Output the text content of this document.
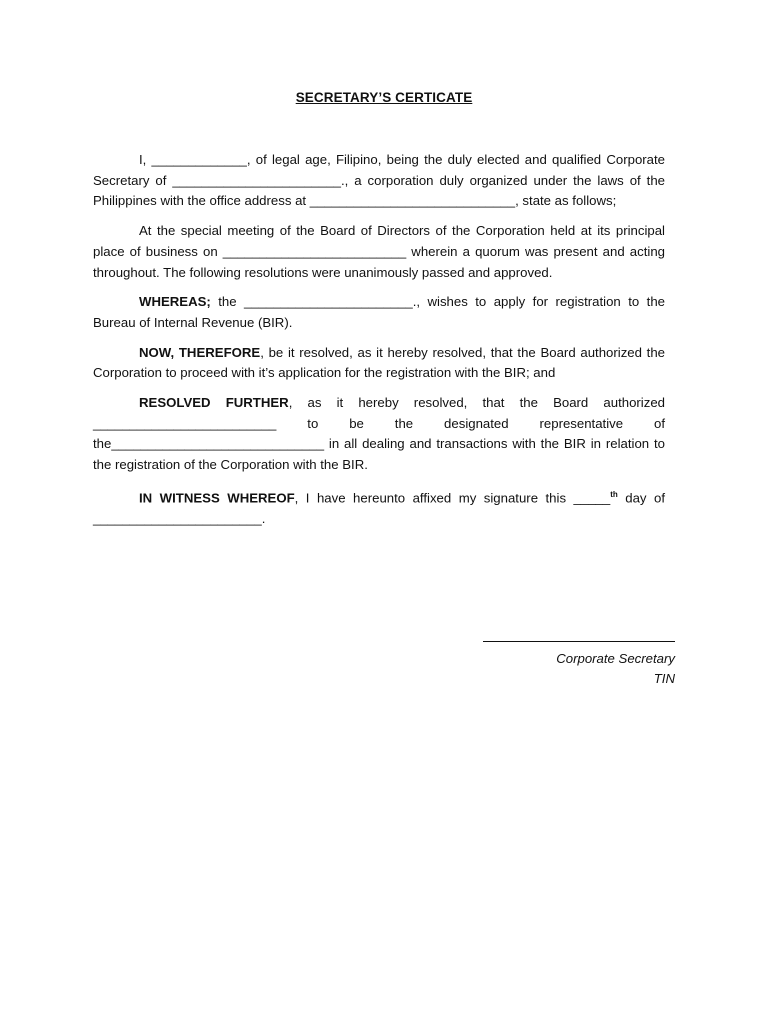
SECRETARY’S CERTICATE

I, _____________, of legal age, Filipino, being the duly elected and qualified Corporate Secretary of _______________________., a corporation duly organized under the laws of the Philippines with the office address at ____________________________, state as follows;

At the special meeting of the Board of Directors of the Corporation held at its principal place of business on _________________________ wherein a quorum was present and acting throughout. The following resolutions were unanimously passed and approved.

WHEREAS; the _______________________., wishes to apply for registration to the Bureau of Internal Revenue (BIR).

NOW, THEREFORE, be it resolved, as it hereby resolved, that the Board authorized the Corporation to proceed with it’s application for the registration with the BIR; and

RESOLVED FURTHER, as it hereby resolved, that the Board authorized _________________________ to be the designated representative of the_____________________________ in all dealing and transactions with the BIR in relation to the registration of the Corporation with the BIR.

IN WITNESS WHEREOF, I have hereunto affixed my signature this _____$^{th}$ day of _______________________.

Corporate Secretary
TIN
